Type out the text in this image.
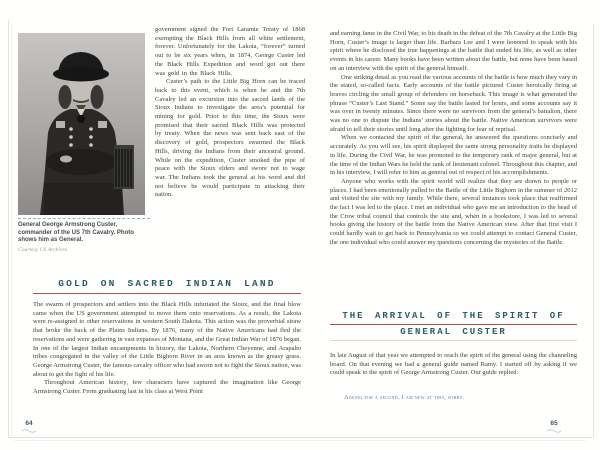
General George Armstrong Custer, commander of the US 7th Cavalry. Photo shows him as General.
Courtesy US Archives.

government signed the Fort Laramie Treaty of 1868 exempting the Black Hills from all white settlement, forever. Unfortunately for the Lakota, “forever” turned out to be six years when, in 1874, George Custer led the Black Hills Expedition and word got out there was gold in the Black Hills.

Custer’s path to the Little Big Horn can be traced back to this event, which is when he and the 7th Cavalry led an excursion into the sacred lands of the Sioux Indians to investigate the area’s potential for mining for gold. Prior to this time, the Sioux were promised that their sacred Black Hills was protected by treaty. When the news was sent back east of the discovery of gold, prospectors swarmed the Black Hills, driving the Indians from their ancestral ground. While on the expedition, Custer smoked the pipe of peace with the Sioux elders and swore not to wage war. The Indians took the general at his word and did not believe he would participate in attacking their nation.

GOLD ON SACRED INDIAN LAND

The swarm of prospectors and settlers into the Black Hills infuriated the Sioux, and the final blow came when the US government attempted to move them onto reservations. As a result, the Lakota were re-assigned to other reservations in western South Dakota. This action was the proverbial straw that broke the back of the Plains Indians. By 1876, many of the Native Americans had fled the reservations and were gathering in vast expanses of Montana, and the Great Indian War of 1876 began. In one of the largest Indian encampments in history, the Lakota, Northern Cheyenne, and Arapaho tribes congregated in the valley of the Little Bighorn River in an area known as the greasy grass. George Armstrong Custer, the famous cavalry officer who had sworn not to fight the Sioux nation, was about to get the fight of his life.

Throughout American history, few characters have captured the imagination like George Armstrong Custer. From graduating last in his class at West Point

64

and earning fame in the Civil War, to his death in the defeat of the 7th Cavalry at the Little Big Horn, Custer’s image is larger than life. Barbara Lee and I were honored to speak with his spirit where he disclosed the true happenings at the battle that ended his life, as well as other events in his career. Many books have been written about the battle, but none have been based on an interview with the spirit of the general himself.

One striking detail as you read the various accounts of the battle is how much they vary in the stated, so-called facts. Early accounts of the battle pictured Custer heroically firing at braves circling the small group of defenders on horseback. This image is what generated the phrase “Custer’s Last Stand.” Some say the battle lasted for hours, and some accounts say it was over in twenty minutes. Since there were no survivors from the general’s battalion, there was no one to dispute the Indians’ stories about the battle. Native American survivors were afraid to tell their stories until long after the fighting for fear of reprisal.

When we contacted the spirit of the general, he answered the questions concisely and accurately. As you will see, his spirit displayed the same strong personality traits he displayed in life. During the Civil War, he was promoted to the temporary rank of major general, but at the time of the Indian Wars he held the rank of lieutenant colonel. Throughout this chapter, and in his interview, I will refer to him as general out of respect of his accomplishments.

Anyone who works with the spirit world will realize that they are drawn to people or places. I had been emotionally pulled to the Battle of the Little Bighorn in the summer of 2012 and visited the site with my family. While there, several instances took place that reaffirmed the fact I was led to the place. I met an individual who gave me an introduction to the head of the Crow tribal council that controls the site and, when in a bookstore, I was led to several books giving the history of the battle from the Native American view. After that first visit I could hardly wait to get back to Pennsylvania so we could attempt to contact General Custer, the one individual who could answer my questions concerning the mysteries of the Battle.

THE ARRIVAL OF THE SPIRIT OF
GENERAL CUSTER

In late August of that year we attempted to reach the spirit of the general using the channeling board. On that evening we had a general guide named Ramy. I started off by asking if we could speak to the spirit of George Armstrong Custer. Our guide replied:

Asking for a second. I am new at this, sorry.
65
